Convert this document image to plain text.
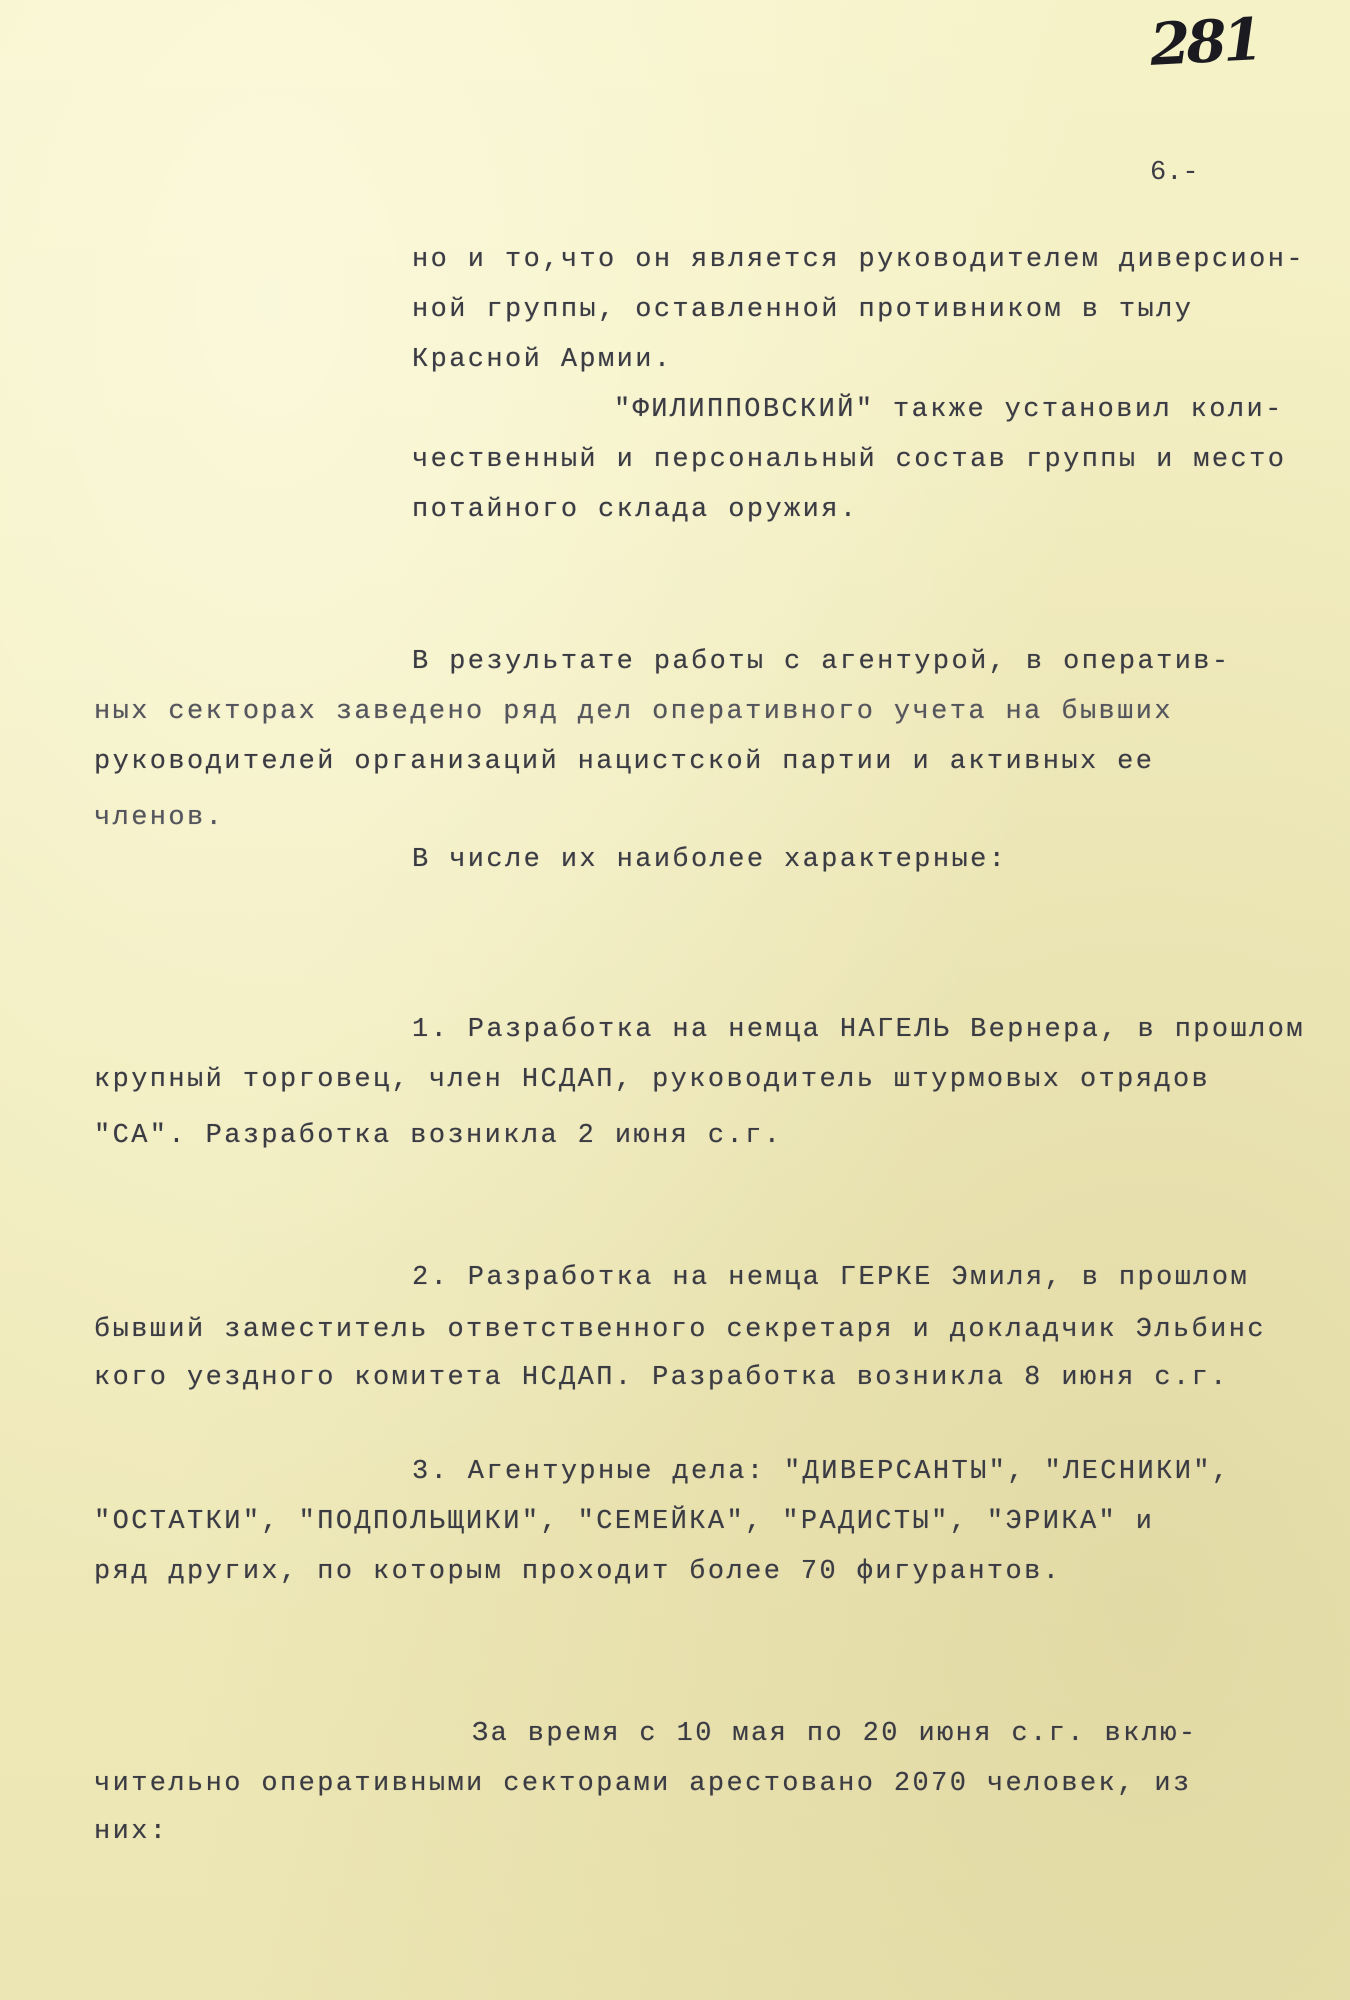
281
6.-
но и то,что он является руководителем диверсион-
ной группы, оставленной противником в тылу
Красной Армии.
"ФИЛИППОВСКИЙ" также установил коли-
чественный и персональный состав группы и место
потайного склада оружия.
В результате работы с агентурой, в оператив-
ных секторах заведено ряд дел оперативного учета на бывших
руководителей организаций нацистской партии и активных ее
членов.
В числе их наиболее характерные:
1. Разработка на немца НАГЕЛЬ Вернера, в прошлом
крупный торговец, член НСДАП, руководитель штурмовых отрядов
"СА". Разработка возникла 2 июня с.г.
2. Разработка на немца ГЕРКЕ Эмиля, в прошлом
бывший заместитель ответственного секретаря и докладчик Эльбинс
кого уездного комитета НСДАП. Разработка возникла 8 июня с.г.
3. Агентурные дела: "ДИВЕРСАНТЫ", "ЛЕСНИКИ",
"ОСТАТКИ", "ПОДПОЛЬЩИКИ", "СЕМЕЙКА", "РАДИСТЫ", "ЭРИКА" и
ряд других, по которым проходит более 70 фигурантов.
За время с 10 мая по 20 июня с.г. вклю-
чительно оперативными секторами арестовано 2070 человек, из
них:
